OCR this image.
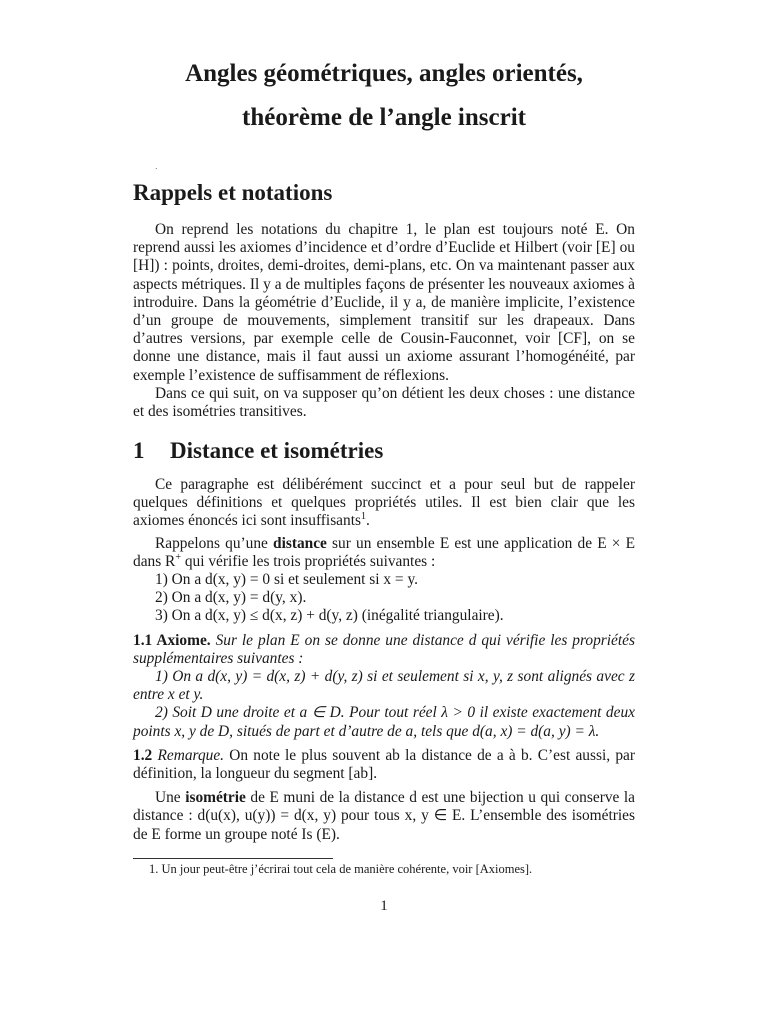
Angles géométriques, angles orientés,
théorème de l’angle inscrit
.
Rappels et notations

On reprend les notations du chapitre 1, le plan est toujours noté E. On reprend aussi les axiomes d’incidence et d’ordre d’Euclide et Hilbert (voir [E] ou [H]) : points, droites, demi-droites, demi-plans, etc. On va maintenant passer aux aspects métriques. Il y a de multiples façons de présenter les nouveaux axiomes à introduire. Dans la géométrie d’Euclide, il y a, de manière implicite, l’existence d’un groupe de mouvements, simplement transitif sur les drapeaux. Dans d’autres versions, par exemple celle de Cousin-Fauconnet, voir [CF], on se donne une distance, mais il faut aussi un axiome assurant l’homogénéité, par exemple l’existence de suffisamment de réflexions.

Dans ce qui suit, on va supposer qu’on détient les deux choses : une distance et des isométries transitives.

1 Distance et isométries

Ce paragraphe est délibérément succinct et a pour seul but de rappeler quelques définitions et quelques propriétés utiles. Il est bien clair que les axiomes énoncés ici sont insuffisants$^1$.

Rappelons qu’une distance sur un ensemble E est une application de E × E dans R+ qui vérifie les trois propriétés suivantes :

1) On a d(x, y) = 0 si et seulement si x = y.

2) On a d(x, y) = d(y, x).

3) On a d(x, y) ≤ d(x, z) + d(y, z) (inégalité triangulaire).

1.1 Axiome. Sur le plan E on se donne une distance d qui vérifie les propriétés supplémentaires suivantes :

1) On a d(x, y) = d(x, z) + d(y, z) si et seulement si x, y, z sont alignés avec z entre x et y.

2) Soit D une droite et a ∈ D. Pour tout réel λ > 0 il existe exactement deux points x, y de D, situés de part et d’autre de a, tels que d(a, x) = d(a, y) = λ.

1.2 Remarque. On note le plus souvent ab la distance de a à b. C’est aussi, par définition, la longueur du segment [ab].

Une isométrie de E muni de la distance d est une bijection u qui conserve la distance : d(u(x), u(y)) = d(x, y) pour tous x, y ∈ E. L’ensemble des isométries de E forme un groupe noté Is (E).

1. Un jour peut-être j’écrirai tout cela de manière cohérente, voir [Axiomes].
1
